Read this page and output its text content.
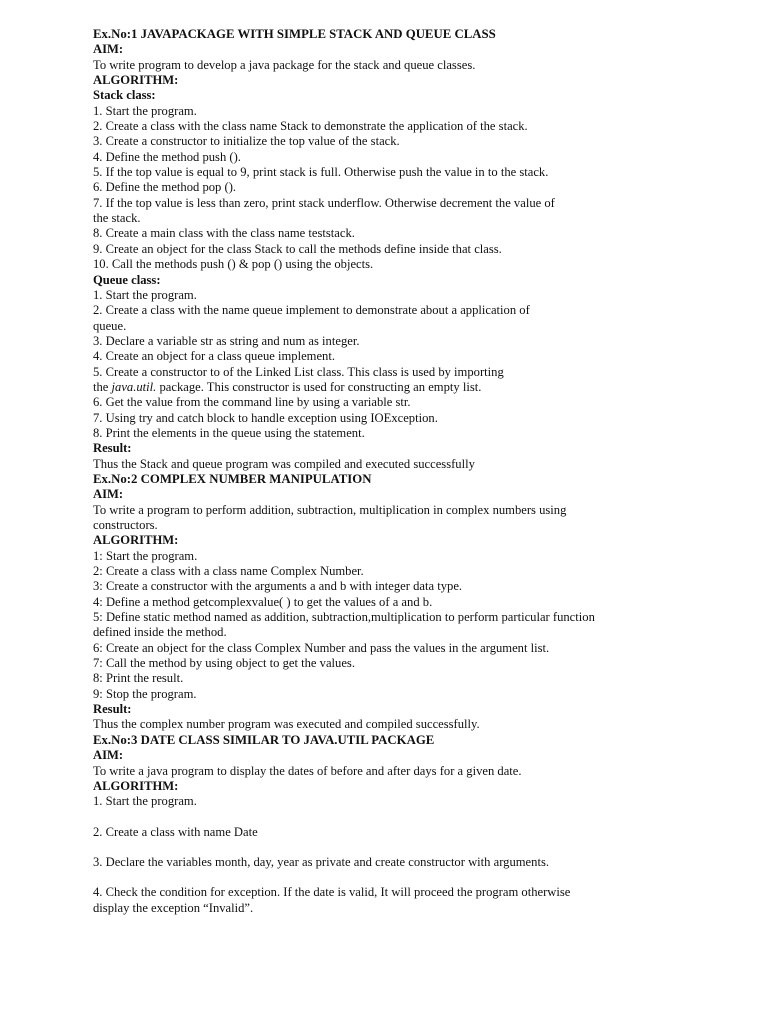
Ex.No:1 JAVAPACKAGE WITH SIMPLE STACK AND QUEUE CLASS

AIM:

To write program to develop a java package for the stack and queue classes.

ALGORITHM:

Stack class:

1. Start the program.

2. Create a class with the class name Stack to demonstrate the application of the stack.

3. Create a constructor to initialize the top value of the stack.

4. Define the method push ().

5. If the top value is equal to 9, print stack is full. Otherwise push the value in to the stack.

6. Define the method pop ().

7. If the top value is less than zero, print stack underflow. Otherwise decrement the value of

the stack.

8. Create a main class with the class name teststack.

9. Create an object for the class Stack to call the methods define inside that class.

10. Call the methods push () & pop () using the objects.

Queue class:

1. Start the program.

2. Create a class with the name queue implement to demonstrate about a application of

queue.

3. Declare a variable str as string and num as integer.

4. Create an object for a class queue implement.

5. Create a constructor to of the Linked List class. This class is used by importing

the java.util. package. This constructor is used for constructing an empty list.

6. Get the value from the command line by using a variable str.

7. Using try and catch block to handle exception using IOException.

8. Print the elements in the queue using the statement.

Result:

Thus the Stack and queue program was compiled and executed successfully

Ex.No:2 COMPLEX NUMBER MANIPULATION

AIM:

To write a program to perform addition, subtraction, multiplication in complex numbers using

constructors.

ALGORITHM:

1: Start the program.

2: Create a class with a class name Complex Number.

3: Create a constructor with the arguments a and b with integer data type.

4: Define a method getcomplexvalue( ) to get the values of a and b.

5: Define static method named as addition, subtraction,multiplication to perform particular function

defined inside the method.

6: Create an object for the class Complex Number and pass the values in the argument list.

7: Call the method by using object to get the values.

8: Print the result.

9: Stop the program.

Result:

Thus the complex number program was executed and compiled successfully.

Ex.No:3 DATE CLASS SIMILAR TO JAVA.UTIL PACKAGE

AIM:

To write a java program to display the dates of before and after days for a given date.

ALGORITHM:

1. Start the program.

2. Create a class with name Date

3. Declare the variables month, day, year as private and create constructor with arguments.

4. Check the condition for exception. If the date is valid, It will proceed the program otherwise

display the exception “Invalid”.
